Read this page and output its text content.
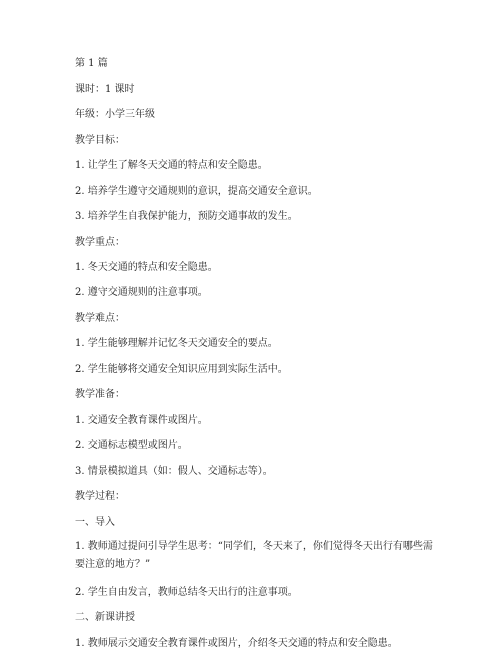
第 1 篇
课时：1 课时
年级：小学三年级
教学目标：
1. 让学生了解冬天交通的特点和安全隐患。
2. 培养学生遵守交通规则的意识，提高交通安全意识。
3. 培养学生自我保护能力，预防交通事故的发生。
教学重点：
1. 冬天交通的特点和安全隐患。
2. 遵守交通规则的注意事项。
教学难点：
1. 学生能够理解并记忆冬天交通安全的要点。
2. 学生能够将交通安全知识应用到实际生活中。
教学准备：
1. 交通安全教育课件或图片。
2. 交通标志模型或图片。
3. 情景模拟道具（如：假人、交通标志等）。
教学过程：
一、导入
1. 教师通过提问引导学生思考：“同学们，冬天来了，你们觉得冬天出行有哪些需要注意的地方？”
2. 学生自由发言，教师总结冬天出行的注意事项。
二、新课讲授
1. 教师展示交通安全教育课件或图片，介绍冬天交通的特点和安全隐患。
